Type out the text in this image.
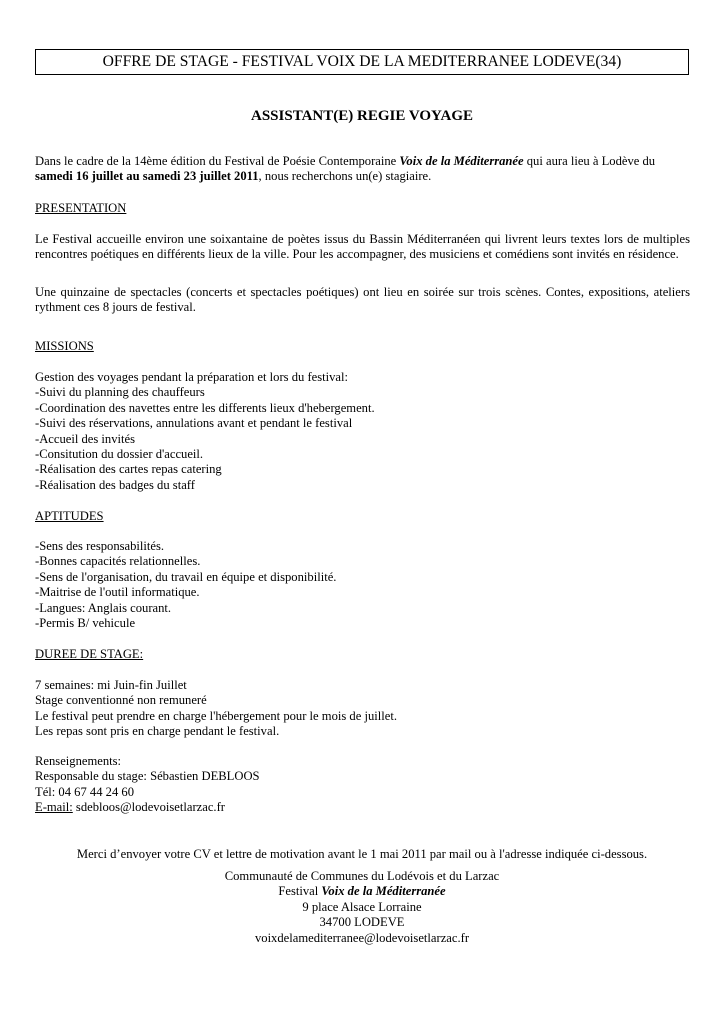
OFFRE DE STAGE - FESTIVAL VOIX DE LA MEDITERRANEE LODEVE(34)
ASSISTANT(E) REGIE VOYAGE
Dans le cadre de la 14ème édition du Festival de Poésie Contemporaine Voix de la Méditerranée qui aura lieu à Lodève du samedi 16 juillet au samedi 23 juillet 2011, nous recherchons un(e) stagiaire.
PRESENTATION
Le Festival accueille environ une soixantaine de poètes issus du Bassin Méditerranéen qui livrent leurs textes lors de multiples rencontres poétiques en différents lieux de la ville. Pour les accompagner, des musiciens et comédiens sont invités en résidence.
Une quinzaine de spectacles (concerts et spectacles poétiques) ont lieu en soirée sur trois scènes. Contes, expositions, ateliers rythment ces 8 jours de festival.
MISSIONS
Gestion des voyages pendant la préparation et lors du festival:
-Suivi du planning des chauffeurs
-Coordination des navettes entre les differents lieux d'hebergement.
-Suivi des réservations, annulations avant et pendant le festival
-Accueil des invités
-Consitution du dossier d'accueil.
-Réalisation des cartes repas catering
-Réalisation des badges du staff
APTITUDES
-Sens des responsabilités.
-Bonnes capacités relationnelles.
-Sens de l'organisation, du travail en équipe et disponibilité.
-Maitrise de l'outil informatique.
-Langues: Anglais courant.
-Permis B/ vehicule
DUREE DE STAGE:
7 semaines: mi Juin-fin Juillet
Stage conventionné non remuneré
Le festival peut prendre en charge l'hébergement pour le mois de juillet.
Les repas sont pris en charge pendant le festival.
Renseignements:
Responsable du stage: Sébastien DEBLOOS
Tél: 04 67 44 24 60
E-mail: sdebloos@lodevoisetlarzac.fr
Merci d’envoyer votre CV et lettre de motivation avant le 1 mai 2011 par mail ou à l'adresse indiquée ci-dessous.
Communauté de Communes du Lodévois et du Larzac
Festival Voix de la Méditerranée
9 place Alsace Lorraine
34700 LODEVE
voixdelamediterranee@lodevoisetlarzac.fr
